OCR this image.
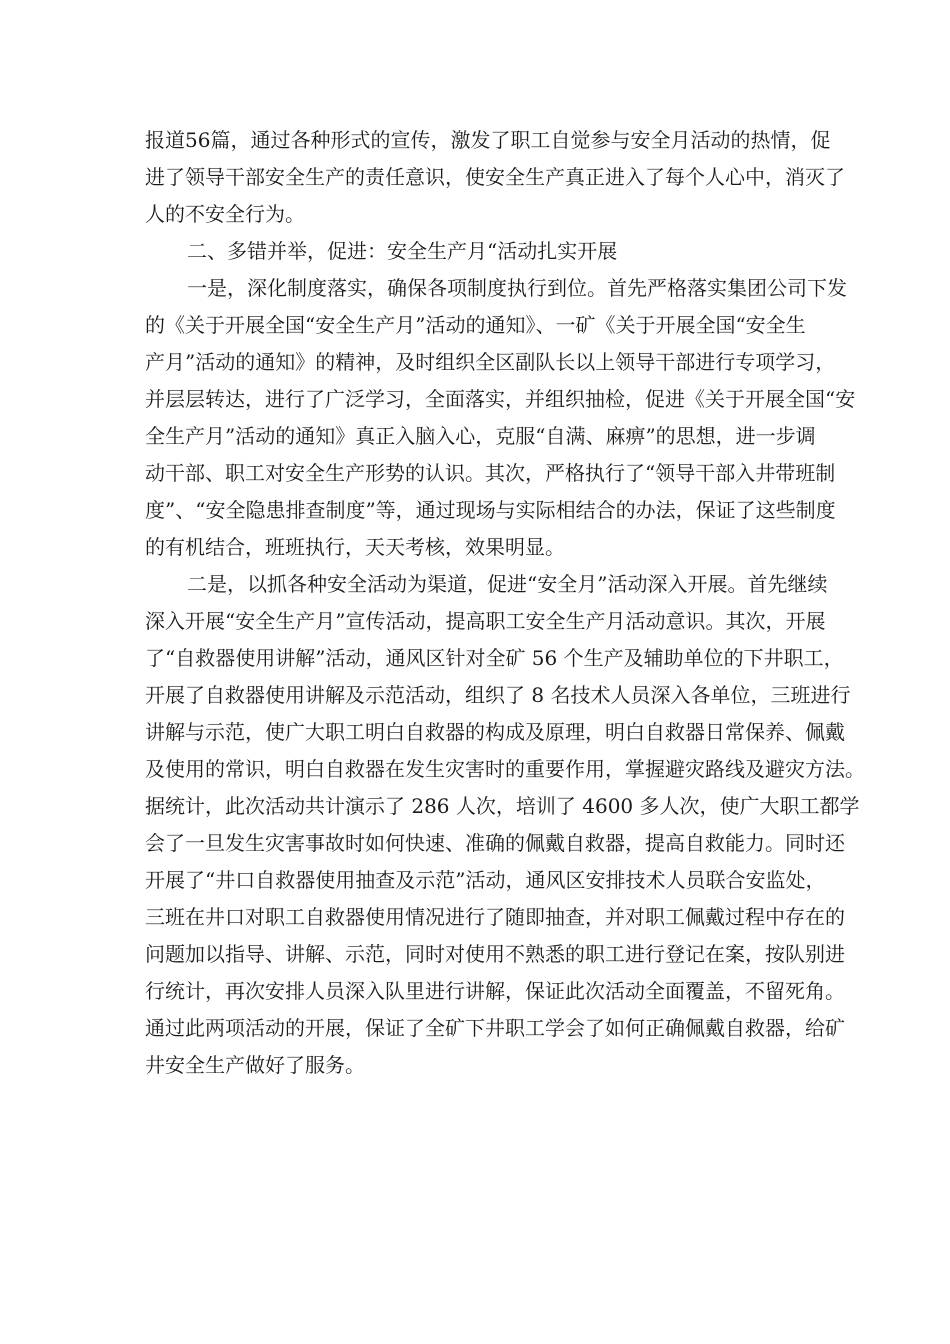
报道56篇，通过各种形式的宣传，激发了职工自觉参与安全月活动的热情，促
进了领导干部安全生产的责任意识，使安全生产真正进入了每个人心中，消灭了
人的不安全行为。
二、多错并举，促进：安全生产月“活动扎实开展
一是，深化制度落实，确保各项制度执行到位。首先严格落实集团公司下发
的《关于开展全国“安全生产月”活动的通知》、一矿《关于开展全国“安全生
产月”活动的通知》的精神，及时组织全区副队长以上领导干部进行专项学习，
并层层转达，进行了广泛学习，全面落实，并组织抽检，促进《关于开展全国“安
全生产月”活动的通知》真正入脑入心，克服“自满、麻痹”的思想，进一步调
动干部、职工对安全生产形势的认识。其次，严格执行了“领导干部入井带班制
度”、“安全隐患排查制度”等，通过现场与实际相结合的办法，保证了这些制度
的有机结合，班班执行，天天考核，效果明显。
二是，以抓各种安全活动为渠道，促进“安全月”活动深入开展。首先继续
深入开展“安全生产月”宣传活动，提高职工安全生产月活动意识。其次，开展
了“自救器使用讲解”活动，通风区针对全矿 56 个生产及辅助单位的下井职工，
开展了自救器使用讲解及示范活动，组织了 8 名技术人员深入各单位，三班进行
讲解与示范，使广大职工明白自救器的构成及原理，明白自救器日常保养、佩戴
及使用的常识，明白自救器在发生灾害时的重要作用，掌握避灾路线及避灾方法。
据统计，此次活动共计演示了 286 人次，培训了 4600 多人次，使广大职工都学
会了一旦发生灾害事故时如何快速、准确的佩戴自救器，提高自救能力。同时还
开展了“井口自救器使用抽查及示范”活动，通风区安排技术人员联合安监处，
三班在井口对职工自救器使用情况进行了随即抽查，并对职工佩戴过程中存在的
问题加以指导、讲解、示范，同时对使用不熟悉的职工进行登记在案，按队别进
行统计，再次安排人员深入队里进行讲解，保证此次活动全面覆盖，不留死角。
通过此两项活动的开展，保证了全矿下井职工学会了如何正确佩戴自救器，给矿
井安全生产做好了服务。
